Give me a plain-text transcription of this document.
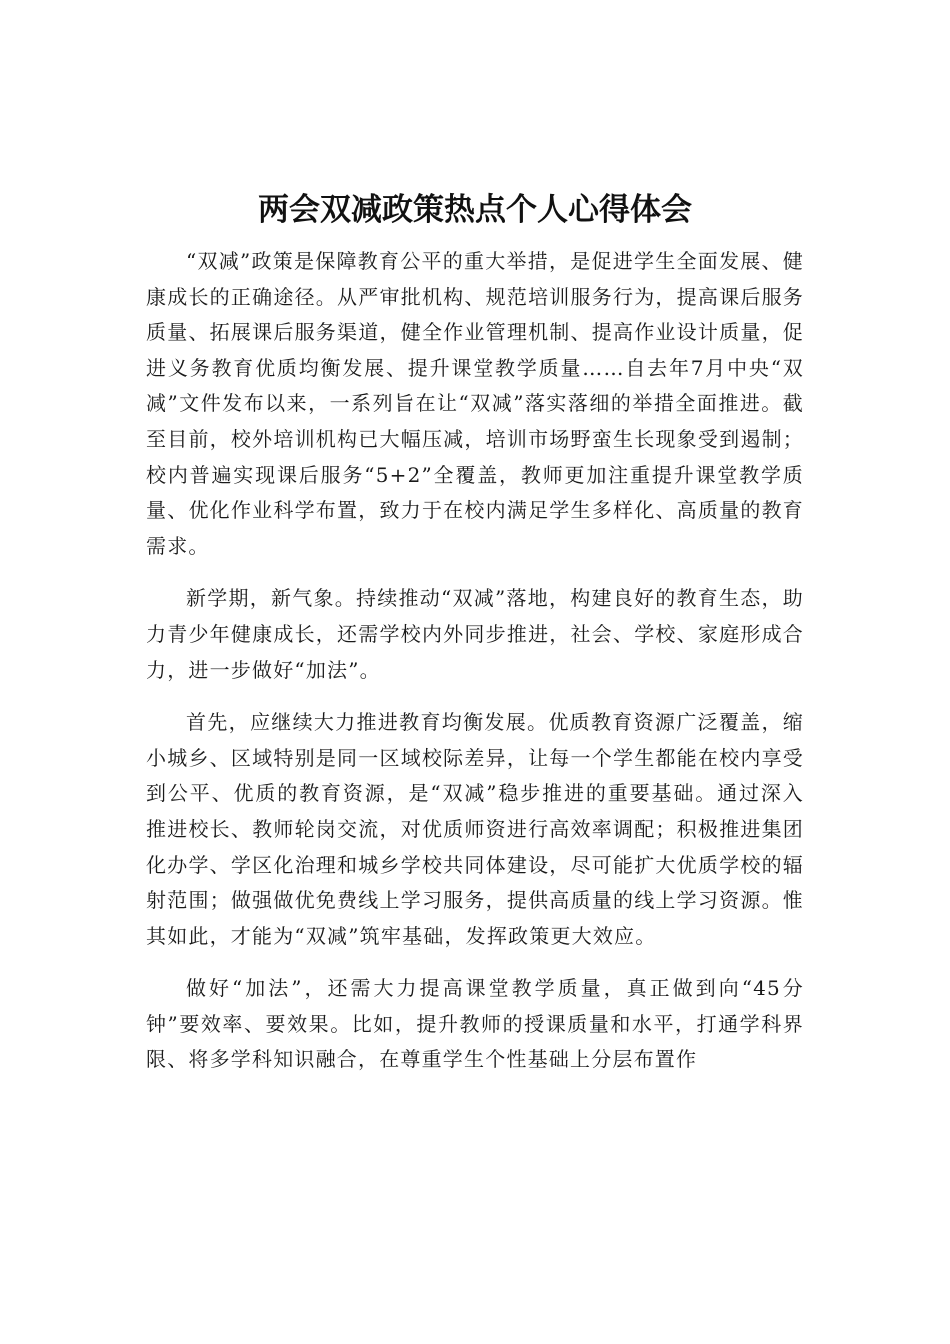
两会双减政策热点个人心得体会

“双减”政策是保障教育公平的重大举措，是促进学生全面发展、健康成长的正确途径。从严审批机构、规范培训服务行为，提高课后服务质量、拓展课后服务渠道，健全作业管理机制、提高作业设计质量，促进义务教育优质均衡发展、提升课堂教学质量……自去年7月中央“双减”文件发布以来，一系列旨在让“双减”落实落细的举措全面推进。截至目前，校外培训机构已大幅压减，培训市场野蛮生长现象受到遏制；校内普遍实现课后服务“5+2”全覆盖，教师更加注重提升课堂教学质量、优化作业科学布置，致力于在校内满足学生多样化、高质量的教育需求。

新学期，新气象。持续推动“双减”落地，构建良好的教育生态，助力青少年健康成长，还需学校内外同步推进，社会、学校、家庭形成合力，进一步做好“加法”。

首先，应继续大力推进教育均衡发展。优质教育资源广泛覆盖，缩小城乡、区域特别是同一区域校际差异，让每一个学生都能在校内享受到公平、优质的教育资源，是“双减”稳步推进的重要基础。通过深入推进校长、教师轮岗交流，对优质师资进行高效率调配；积极推进集团化办学、学区化治理和城乡学校共同体建设，尽可能扩大优质学校的辐射范围；做强做优免费线上学习服务，提供高质量的线上学习资源。惟其如此，才能为“双减”筑牢基础，发挥政策更大效应。

做好“加法”，还需大力提高课堂教学质量，真正做到向“45分钟”要效率、要效果。比如，提升教师的授课质量和水平，打通学科界限、将多学科知识融合，在尊重学生个性基础上分层布置作
